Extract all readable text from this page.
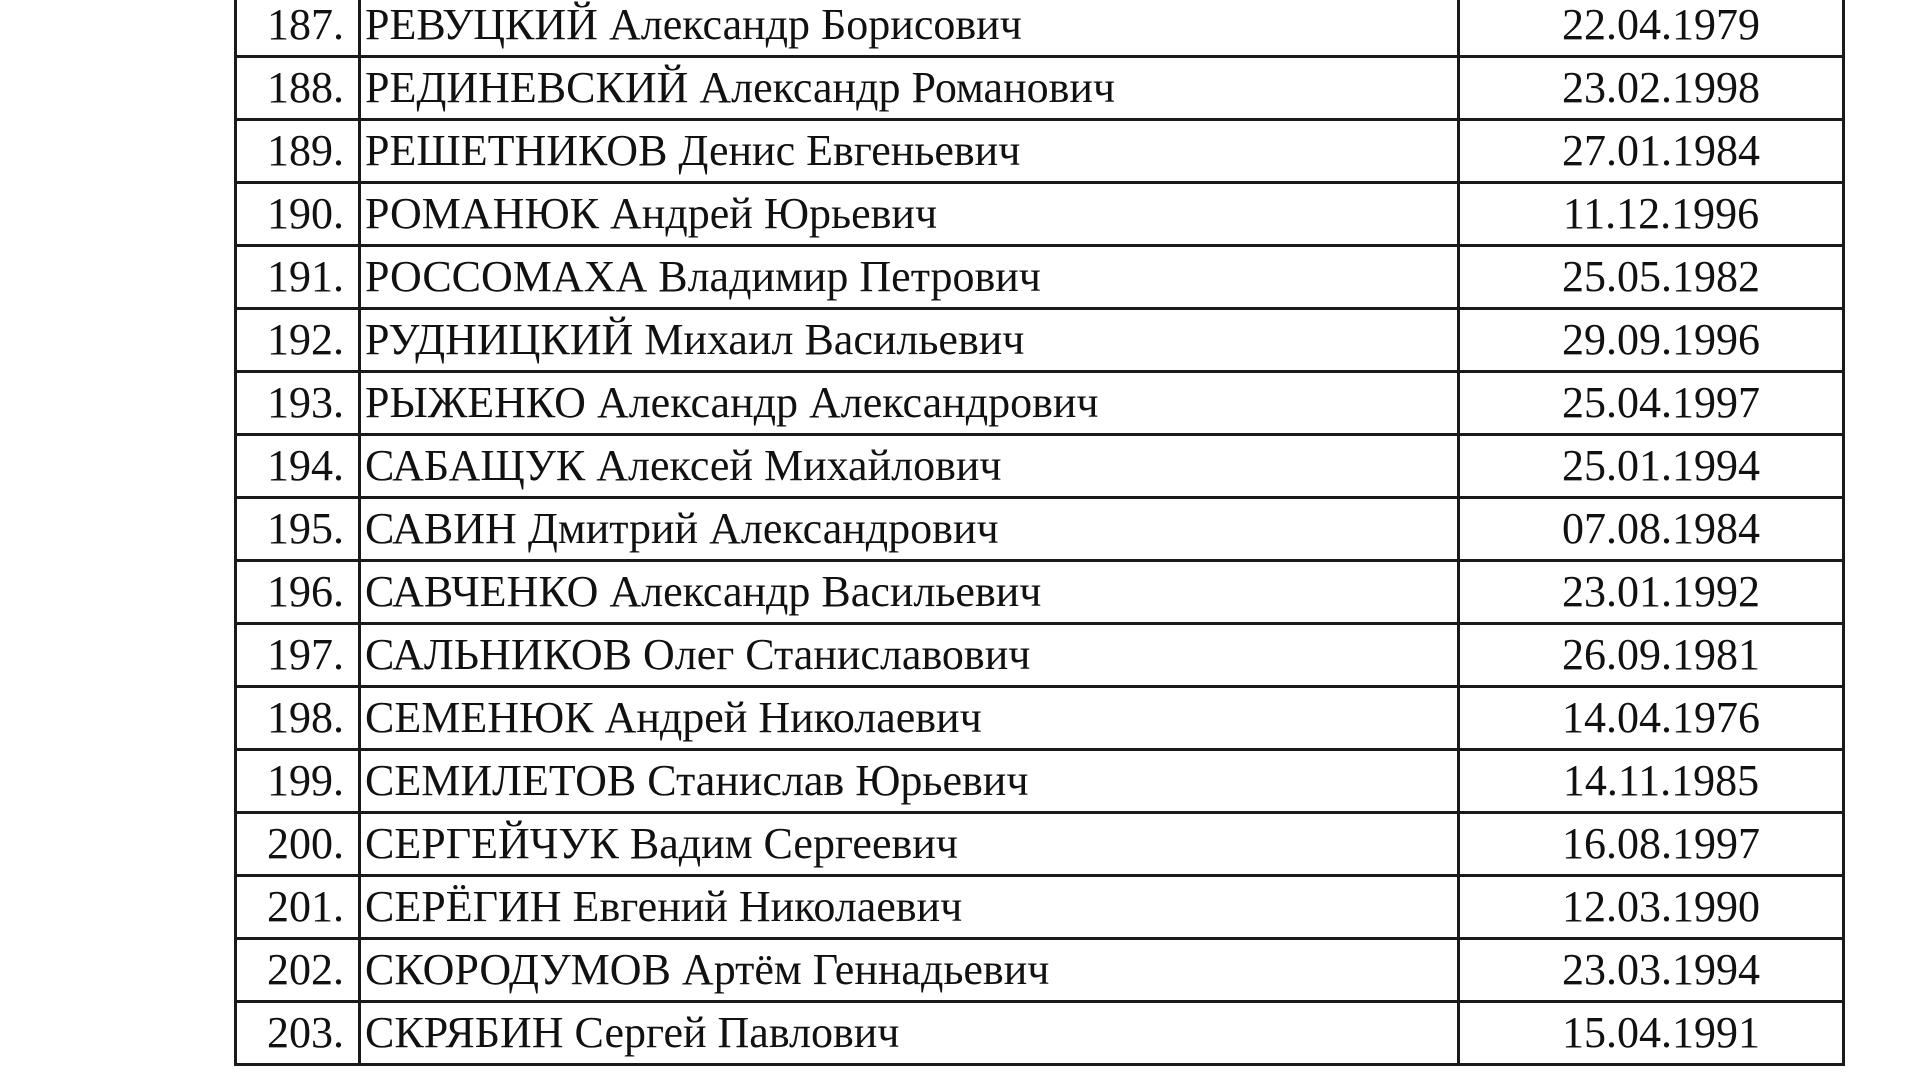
187.	РЕВУЦКИЙ Александр Борисович	22.04.1979
188.	РЕДИНЕВСКИЙ Александр Романович	23.02.1998
189.	РЕШЕТНИКОВ Денис Евгеньевич	27.01.1984
190.	РОМАНЮК Андрей Юрьевич	11.12.1996
191.	РОССОМАХА Владимир Петрович	25.05.1982
192.	РУДНИЦКИЙ Михаил Васильевич	29.09.1996
193.	РЫЖЕНКО Александр Александрович	25.04.1997
194.	САБАЩУК Алексей Михайлович	25.01.1994
195.	САВИН Дмитрий Александрович	07.08.1984
196.	САВЧЕНКО Александр Васильевич	23.01.1992
197.	САЛЬНИКОВ Олег Станиславович	26.09.1981
198.	СЕМЕНЮК Андрей Николаевич	14.04.1976
199.	СЕМИЛЕТОВ Станислав Юрьевич	14.11.1985
200.	СЕРГЕЙЧУК Вадим Сергеевич	16.08.1997
201.	СЕРЁГИН Евгений Николаевич	12.03.1990
202.	СКОРОДУМОВ Артём Геннадьевич	23.03.1994
203.	СКРЯБИН Сергей Павлович	15.04.1991
